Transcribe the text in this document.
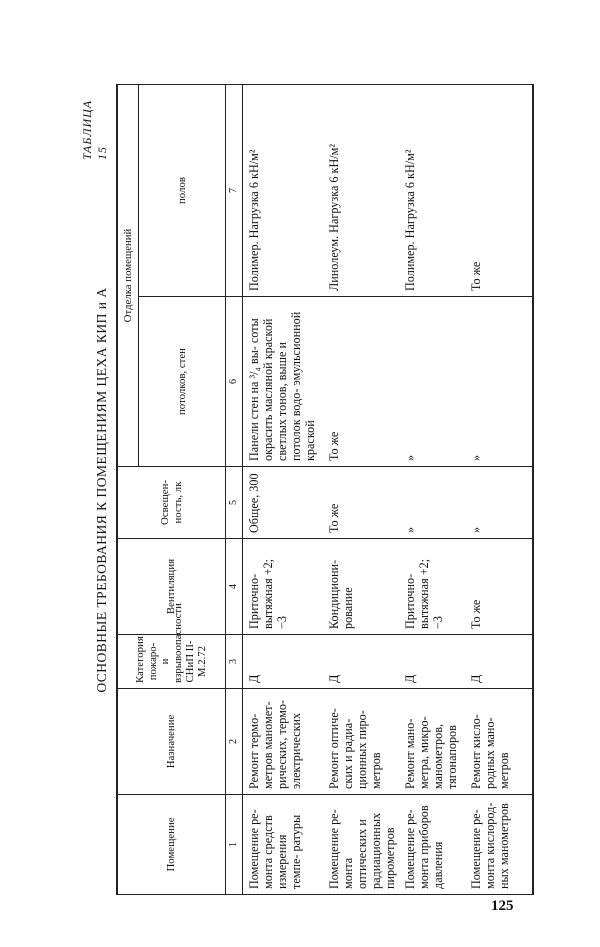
ТАБЛИЦА 15
ОСНОВНЫЕ ТРЕБОВАНИЯ К ПОМЕЩЕНИЯМ ЦЕХА КИП и А
Помещение	Назначение	Категория пожаро- и взрывоопасности СНиП II-М.2.72	Вентиляция	Освещен- ность, лк	Отделка помещений	
					потолков, стен	полов
1	2	3	4	5	6	7
Помещение ре- монта средств измерения темпе- ратуры	Ремонт термо- метров маномет- рических, термо- электрических	Д	Приточно- вытяжная +2; −3	Общее, 300	Панели стен на ³/₄ вы- соты окрасить масляной краской светлых тонов, выше и потолок водо- эмульсионной краской	Полимер. Нагрузка 6 кН/м²
Помещение ре- монта оптических и радиационных пирометров	Ремонт оптиче- ских и радиа- ционных пиро- метров	Д	Кондициони- рование	То же	То же	Линолеум. Нагрузка 6 кН/м²
Помещение ре- монта приборов давления	Ремонт мано- метра, микро- манометров, тягонапоров	Д	Приточно- вытяжная +2; −3	»	»	Полимер. Нагрузка 6 кН/м²
Помещение ре- монта кислород- ных манометров	Ремонт кисло- родных мано- метров	Д	То же	»	»	То же
125
